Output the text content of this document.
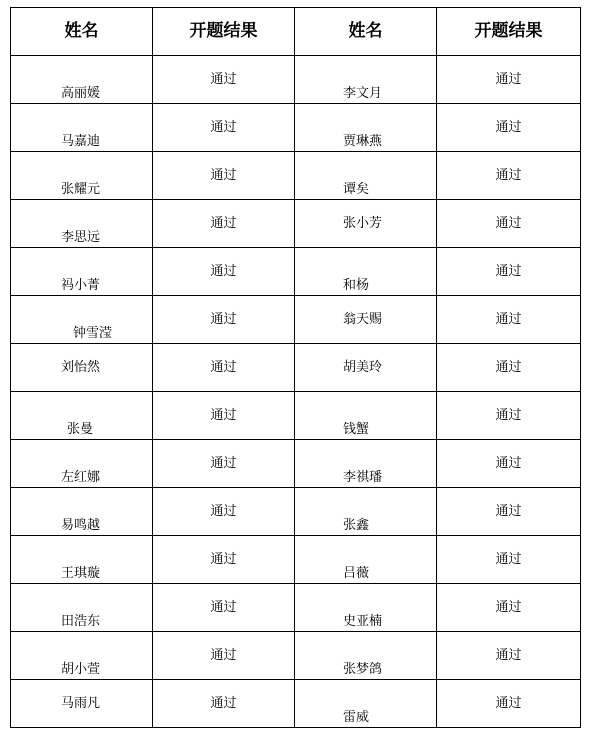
姓名	开题结果	姓名	开题结果

高丽媛	通过	李文月	通过

马嘉迪	通过	贾琳燕	通过

张耀元	通过	谭矣	通过

李思远	通过	张小芳	通过

祃小菁	通过	和杨	通过

钟雪滢	通过	翁天赐	通过

刘怡然	通过	胡美玲	通过

张曼	通过	钱蟹	通过

左红娜	通过	李祺璠	通过

易鸣越	通过	张鑫	通过

王琪璇	通过	吕薇	通过

田浩东	通过	史亚楠	通过

胡小萱	通过	张梦鸽	通过

马雨凡	通过	雷威	通过
